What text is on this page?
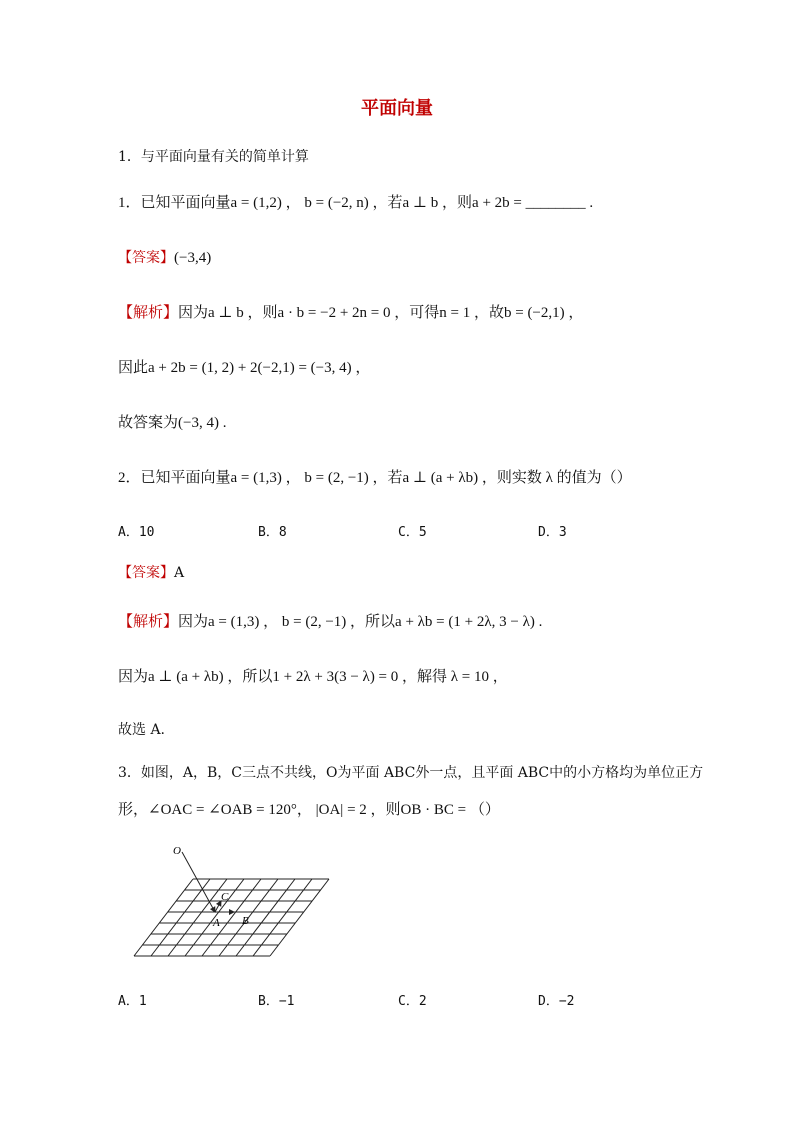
平面向量
1．与平面向量有关的简单计算
1．已知平面向量a = (1,2) ， b = (−2, n) ，若a ⊥ b ，则a + 2b = ________ .
【答案】(−3,4)
【解析】因为a ⊥ b ，则a · b = −2 + 2n = 0 ，可得n = 1 ，故b = (−2,1) ，
因此a + 2b = (1, 2) + 2(−2,1) = (−3, 4) ，
故答案为(−3, 4) .
2．已知平面向量a = (1,3) ， b = (2, −1) ，若a ⊥ (a + λb) ，则实数 λ 的值为（）
A．10	B．8	C．5	D．3
【答案】A
【解析】因为a = (1,3) ， b = (2, −1) ，所以a + λb = (1 + 2λ, 3 − λ) .
因为a ⊥ (a + λb) ，所以1 + 2λ + 3(3 − λ) = 0 ，解得 λ = 10 ，
故选 A.
3．如图，A，B，C三点不共线，O为平面 ABC外一点，且平面 ABC中的小方格均为单位正方
形，∠OAC = ∠OAB = 120°， |OA| = 2 ，则OB · BC = （）
O
A B
C
A．1	B．−1	C．2	D．−2
